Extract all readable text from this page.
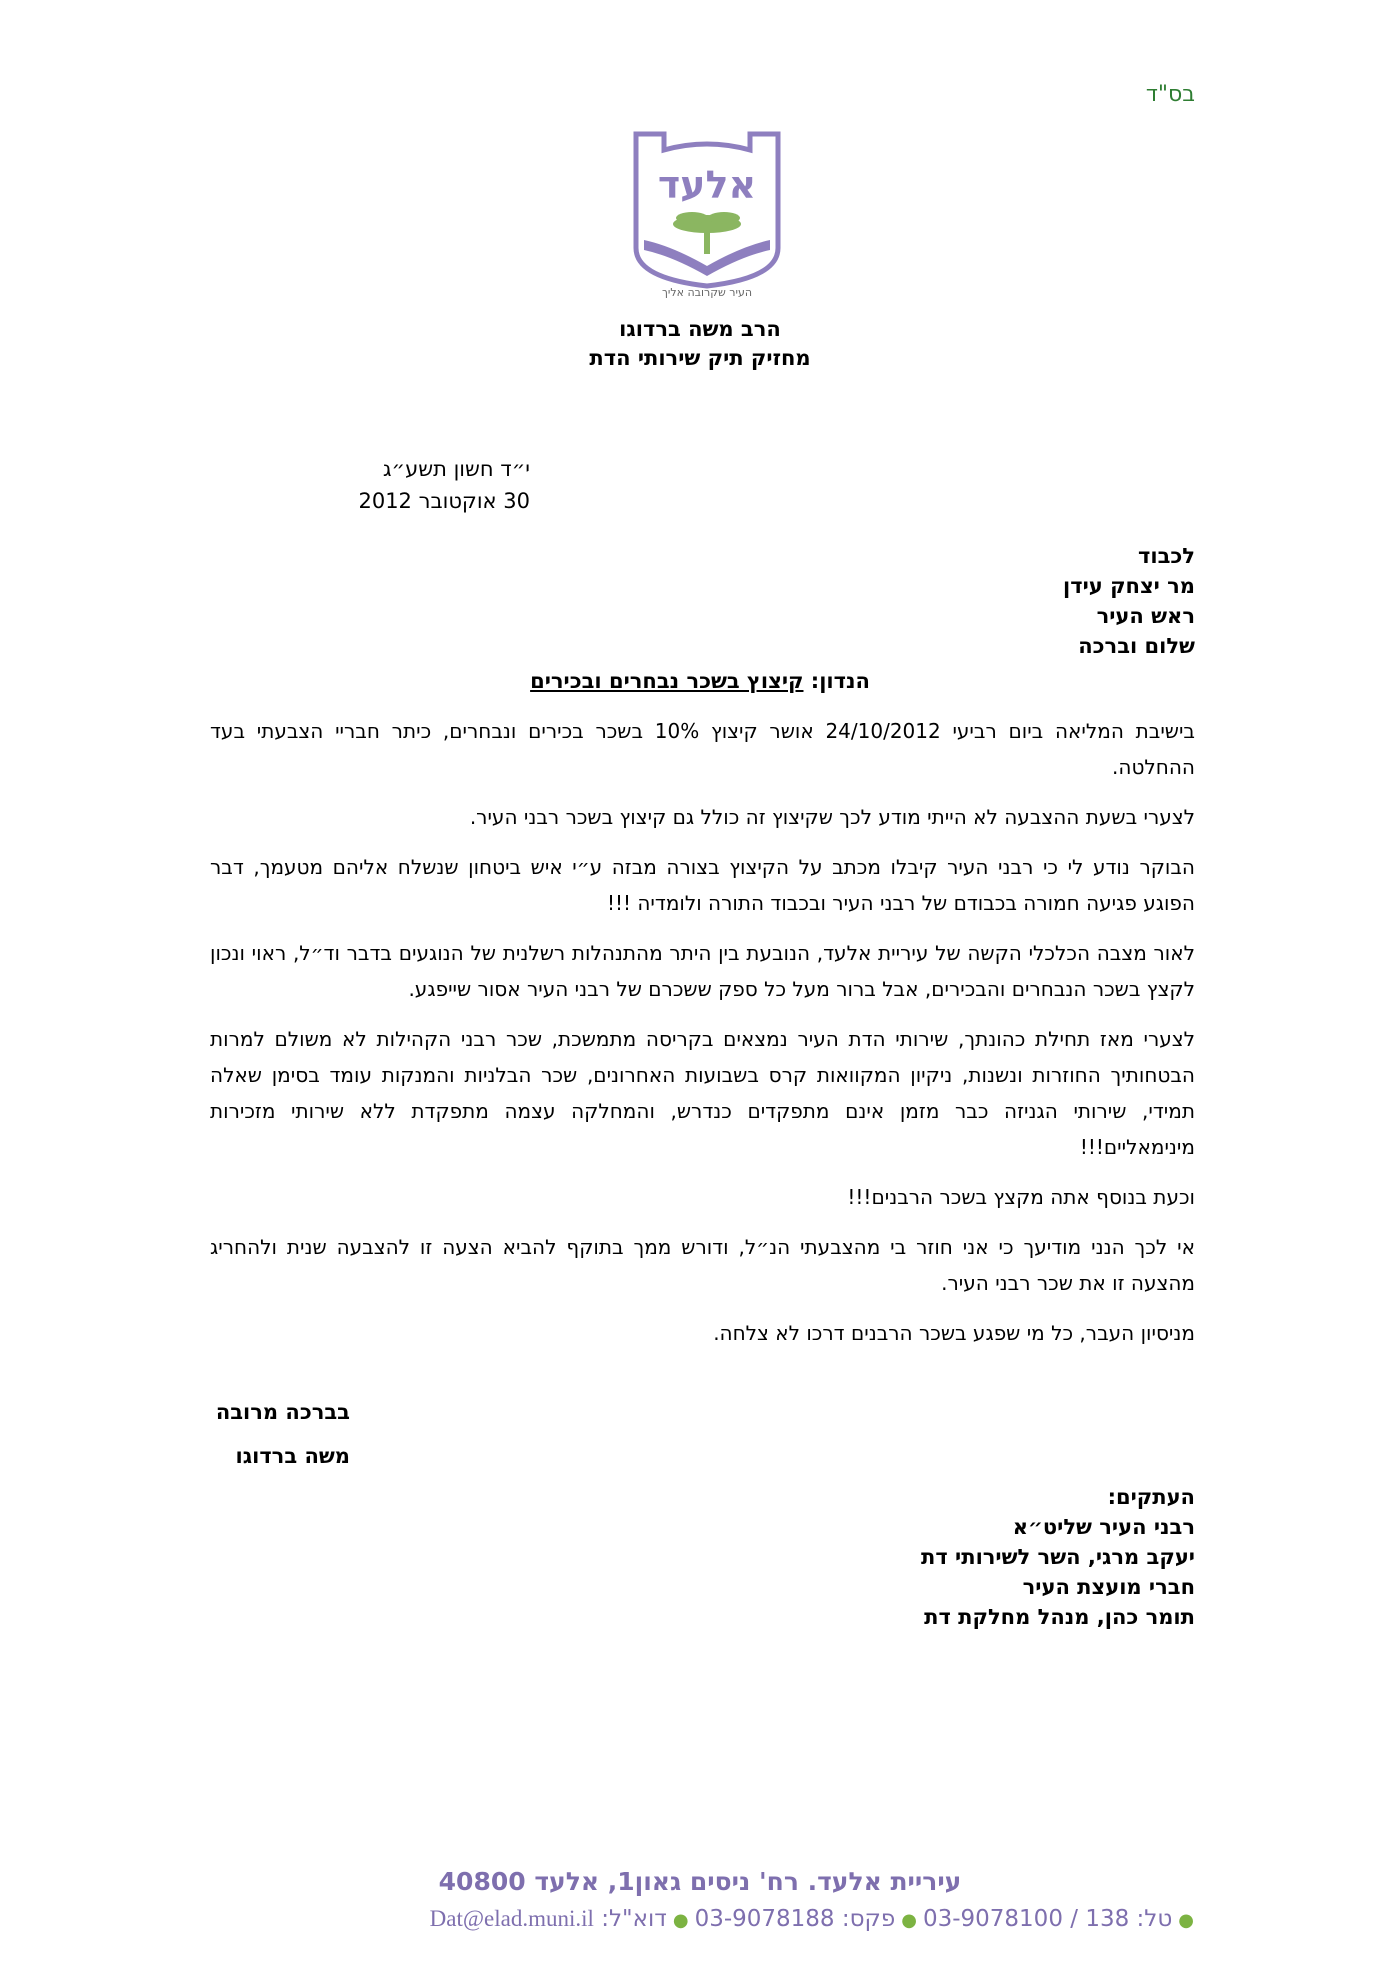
בס"ד
אלעד
העיר שקרובה אליך
הרב משה ברדוגו
מחזיק תיק שירותי הדת
י״ד חשון תשע״ג
30 אוקטובר 2012
לכבוד
מר יצחק עידן
ראש העיר
שלום וברכה
הנדון: קיצוץ בשכר נבחרים ובכירים

בישיבת המליאה ביום רביעי 24/10/2012 אושר קיצוץ 10% בשכר בכירים ונבחרים, כיתר חבריי הצבעתי בעד ההחלטה.

לצערי בשעת ההצבעה לא הייתי מודע לכך שקיצוץ זה כולל גם קיצוץ בשכר רבני העיר.

הבוקר נודע לי כי רבני העיר קיבלו מכתב על הקיצוץ בצורה מבזה ע״י איש ביטחון שנשלח אליהם מטעמך, דבר הפוגע פגיעה חמורה בכבודם של רבני העיר ובכבוד התורה ולומדיה !!!

לאור מצבה הכלכלי הקשה של עיריית אלעד, הנובעת בין היתר מהתנהלות רשלנית של הנוגעים בדבר וד״ל, ראוי ונכון לקצץ בשכר הנבחרים והבכירים, אבל ברור מעל כל ספק ששכרם של רבני העיר אסור שייפגע.

לצערי מאז תחילת כהונתך, שירותי הדת העיר נמצאים בקריסה מתמשכת, שכר רבני הקהילות לא משולם למרות הבטחותיך החוזרות ונשנות, ניקיון המקוואות קרס בשבועות האחרונים, שכר הבלניות והמנקות עומד בסימן שאלה תמידי, שירותי הגניזה כבר מזמן אינם מתפקדים כנדרש, והמחלקה עצמה מתפקדת ללא שירותי מזכירות מינימאליים!!!

וכעת בנוסף אתה מקצץ בשכר הרבנים!!!

אי לכך הנני מודיעך כי אני חוזר בי מהצבעתי הנ״ל, ודורש ממך בתוקף להביא הצעה זו להצבעה שנית ולהחריג מהצעה זו את שכר רבני העיר.

מניסיון העבר, כל מי שפגע בשכר הרבנים דרכו לא צלחה.

בברכה מרובה
משה ברדוגו
העתקים:
רבני העיר שליט״א
יעקב מרגי, השר לשירותי דת
חברי מועצת העיר
תומר כהן, מנהל מחלקת דת
עיריית אלעד. רח' ניסים גאון1, אלעד 40800
●טל: 138 / 03-9078100●פקס: 03-9078188●דוא"ל: Dat@elad.muni.il
